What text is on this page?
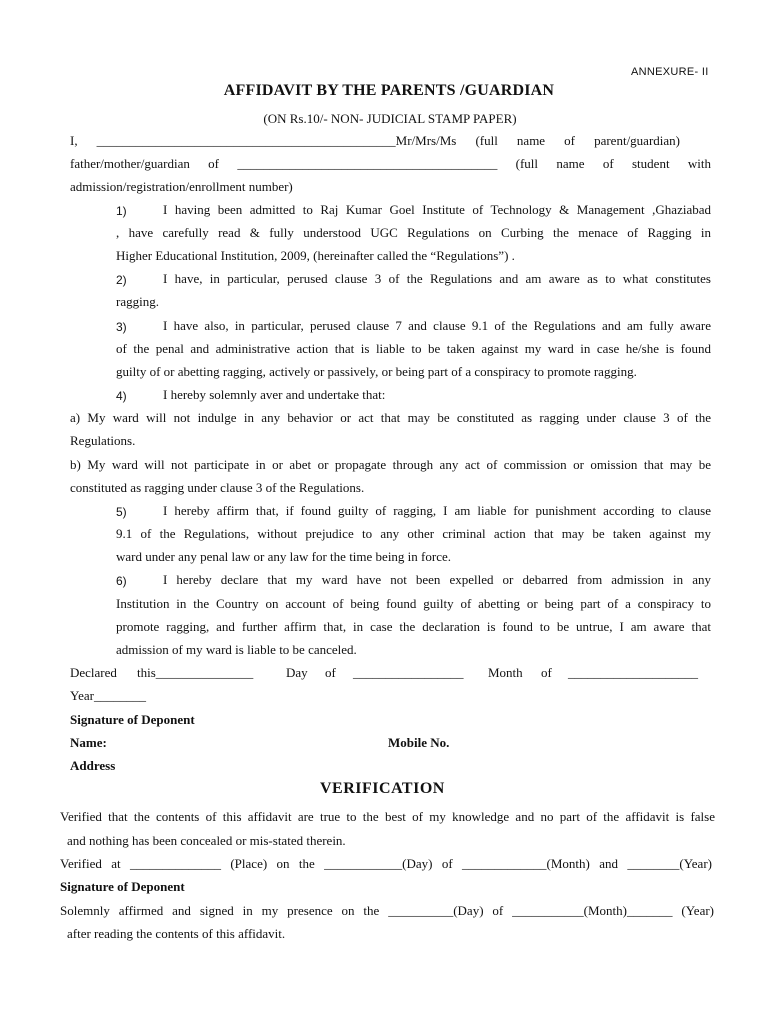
ANNEXURE- II
AFFIDAVIT BY THE PARENTS /GUARDIAN
(ON Rs.10/- NON- JUDICIAL STAMP PAPER)
I, ______________________________________________Mr/Mrs/Ms (full name of parent/guardian)
father/mother/guardian of ________________________________________ (full name of student with
admission/registration/enrollment number)
1)	I having been admitted to Raj Kumar Goel Institute of Technology & Management ,Ghaziabad
, have carefully read & fully understood UGC Regulations on Curbing the menace of Ragging in
Higher Educational Institution, 2009, (hereinafter called the “Regulations”) .
2)	I have, in particular, perused clause 3 of the Regulations and am aware as to what constitutes
ragging.
3)	I have also, in particular, perused clause 7 and clause 9.1 of the Regulations and am fully aware
of the penal and administrative action that is liable to be taken against my ward in case he/she is found
guilty of or abetting ragging, actively or passively, or being part of a conspiracy to promote ragging.
4)	I hereby solemnly aver and undertake that:
a) My ward will not indulge in any behavior or act that may be constituted as ragging under clause 3 of the
Regulations.
b) My ward will not participate in or abet or propagate through any act of commission or omission that may be
constituted as ragging under clause 3 of the Regulations.
5)	I hereby affirm that, if found guilty of ragging, I am liable for punishment according to clause
9.1 of the Regulations, without prejudice to any other criminal action that may be taken against my
ward under any penal law or any law for the time being in force.
6)	I hereby declare that my ward have not been expelled or debarred from admission in any
Institution in the Country on account of being found guilty of abetting or being part of a conspiracy to
promote ragging, and further affirm that, in case the declaration is found to be untrue, I am aware that
admission of my ward is liable to be canceled.
Declared this_______________	Day of _________________ Month of ____________________
Year________
Signature of Deponent
Name:	Mobile No.
Address
VERIFICATION
Verified that the contents of this affidavit are true to the best of my knowledge and no part of the affidavit is false
and nothing has been concealed or mis-stated therein.
Verified at ______________ (Place) on the ____________(Day) of _____________(Month) and ________(Year)
Signature of Deponent
Solemnly affirmed and signed in my presence on the __________(Day) of ___________(Month)_______ (Year)
after reading the contents of this affidavit.
